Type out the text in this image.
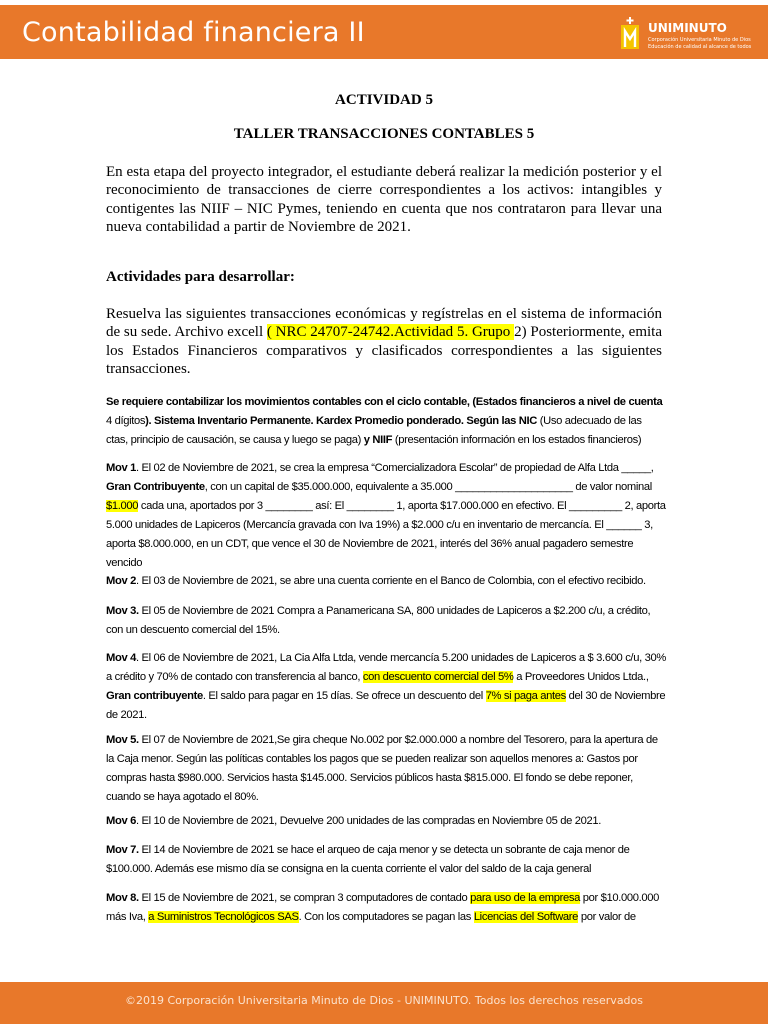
Contabilidad financiera II	UNIMINUTO
Corporación Universitaria Minuto de Dios
Educación de calidad al alcance de todos
ACTIVIDAD 5
TALLER TRANSACCIONES CONTABLES 5
En esta etapa del proyecto integrador, el estudiante deberá realizar la medición posterior y el reconocimiento de transacciones de cierre correspondientes a los activos: intangibles y contigentes las NIIF – NIC Pymes, teniendo en cuenta que nos contrataron para llevar una nueva contabilidad a partir de Noviembre de 2021.
Actividades para desarrollar:
Resuelva las siguientes transacciones económicas y regístrelas en el sistema de información de su sede. Archivo excell ( NRC 24707-24742.Actividad 5. Grupo 2) Posteriormente, emita los Estados Financieros comparativos y clasificados correspondientes a las siguientes transacciones.
Se requiere contabilizar los movimientos contables con el ciclo contable, (Estados financieros a nivel de cuenta 4 dígitos). Sistema Inventario Permanente. Kardex Promedio ponderado. Según las NIC (Uso adecuado de las ctas, principio de causación, se causa y luego se paga) y NIIF (presentación información en los estados financieros)
Mov 1. El 02 de Noviembre de 2021, se crea la empresa “Comercializadora Escolar” de propiedad de Alfa Ltda _____, Gran Contribuyente, con un capital de $35.000.000, equivalente a 35.000 ____________________ de valor nominal $1.000 cada una, aportados por 3 ________ así: El ________ 1, aporta $17.000.000 en efectivo. El _________ 2, aporta 5.000 unidades de Lapiceros (Mercancía gravada con Iva 19%) a $2.000 c/u en inventario de mercancía. El ______ 3, aporta $8.000.000, en un CDT, que vence el 30 de Noviembre de 2021, interés del 36% anual pagadero semestre vencido
Mov 2. El 03 de Noviembre de 2021, se abre una cuenta corriente en el Banco de Colombia, con el efectivo recibido.
Mov 3. El 05 de Noviembre de 2021 Compra a Panamericana SA, 800 unidades de Lapiceros a $2.200 c/u, a crédito, con un descuento comercial del 15%.
Mov 4. El 06 de Noviembre de 2021, La Cia Alfa Ltda, vende mercancía 5.200 unidades de Lapiceros a $ 3.600 c/u, 30% a crédito y 70% de contado con transferencia al banco, con descuento comercial del 5% a Proveedores Unidos Ltda., Gran contribuyente. El saldo para pagar en 15 días. Se ofrece un descuento del 7% si paga antes del 30 de Noviembre de 2021.
Mov 5. El 07 de Noviembre de 2021,Se gira cheque No.002 por $2.000.000 a nombre del Tesorero, para la apertura de la Caja menor. Según las políticas contables los pagos que se pueden realizar son aquellos menores a: Gastos por compras hasta $980.000. Servicios hasta $145.000. Servicios públicos hasta $815.000. El fondo se debe reponer, cuando se haya agotado el 80%.
Mov 6. El 10 de Noviembre de 2021, Devuelve 200 unidades de las compradas en Noviembre 05 de 2021.
Mov 7. El 14 de Noviembre de 2021 se hace el arqueo de caja menor y se detecta un sobrante de caja menor de $100.000. Además ese mismo día se consigna en la cuenta corriente el valor del saldo de la caja general
Mov 8. El 15 de Noviembre de 2021, se compran 3 computadores de contado para uso de la empresa por $10.000.000 más Iva, a Suministros Tecnológicos SAS. Con los computadores se pagan las Licencias del Software por valor de
©2019 Corporación Universitaria Minuto de Dios - UNIMINUTO. Todos los derechos reservados
